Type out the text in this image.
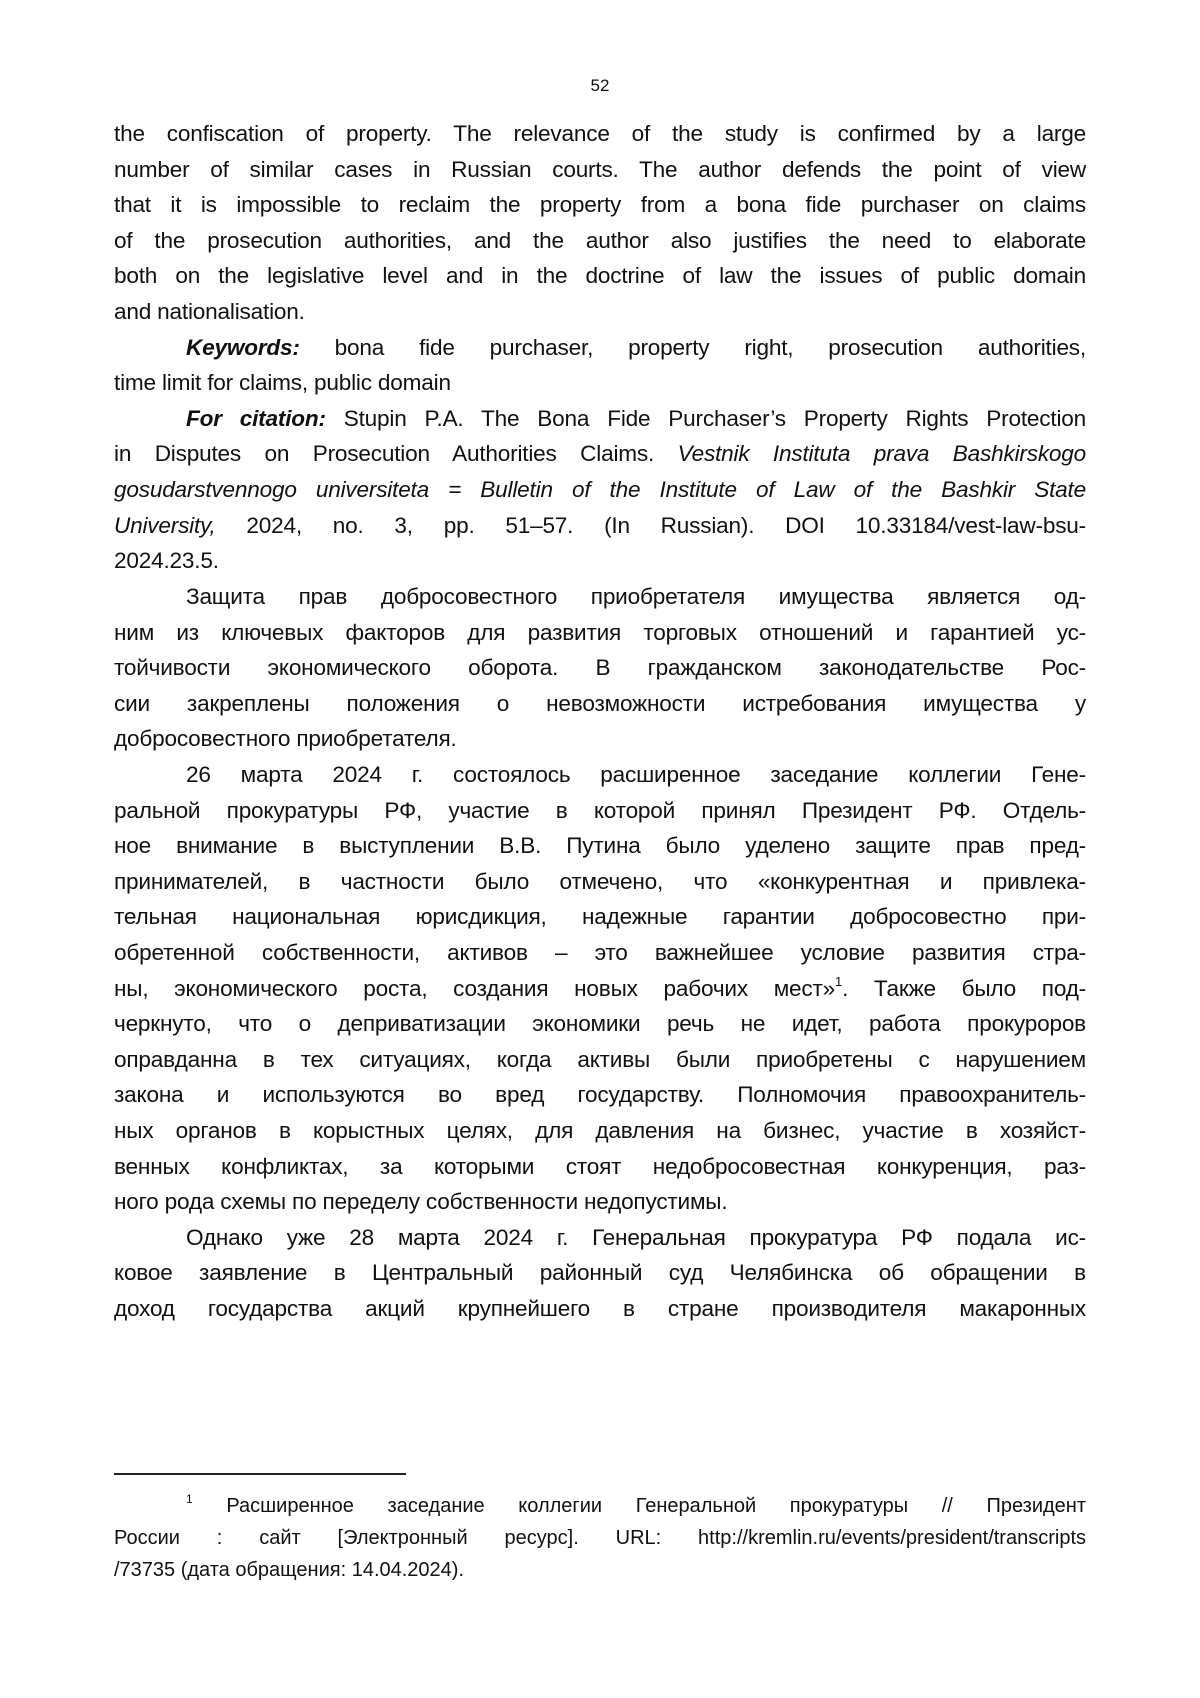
52
the confiscation of property. The relevance of the study is confirmed by a large
number of similar cases in Russian courts. The author defends the point of view
that it is impossible to reclaim the property from a bona fide purchaser on claims
of the prosecution authorities, and the author also justifies the need to elaborate
both on the legislative level and in the doctrine of law the issues of public domain
and nationalisation.
Keywords: bona fide purchaser, property right, prosecution authorities,
time limit for claims, public domain
For citation: Stupin P.A. The Bona Fide Purchaser’s Property Rights Protection
in Disputes on Prosecution Authorities Claims. Vestnik Instituta prava Bashkirskogo
gosudarstvennogo universiteta = Bulletin of the Institute of Law of the Bashkir State
University, 2024, no. 3, pp. 51–57. (In Russian). DOI 10.33184/vest-law-bsu-
2024.23.5.
Защита прав добросовестного приобретателя имущества является од-
ним из ключевых факторов для развития торговых отношений и гарантией ус-
тойчивости экономического оборота. В гражданском законодательстве Рос-
сии закреплены положения о невозможности истребования имущества у
добросовестного приобретателя.
26 марта 2024 г. состоялось расширенное заседание коллегии Гене-
ральной прокуратуры РФ, участие в которой принял Президент РФ. Отдель-
ное внимание в выступлении В.В. Путина было уделено защите прав пред-
принимателей, в частности было отмечено, что «конкурентная и привлека-
тельная национальная юрисдикция, надежные гарантии добросовестно при-
обретенной собственности, активов – это важнейшее условие развития стра-
ны, экономического роста, создания новых рабочих мест»$^1$. Также было под-
черкнуто, что о деприватизации экономики речь не идет, работа прокуроров
оправданна в тех ситуациях, когда активы были приобретены с нарушением
закона и используются во вред государству. Полномочия правоохранитель-
ных органов в корыстных целях, для давления на бизнес, участие в хозяйст-
венных конфликтах, за которыми стоят недобросовестная конкуренция, раз-
ного рода схемы по переделу собственности недопустимы.
Однако уже 28 марта 2024 г. Генеральная прокуратура РФ подала ис-
ковое заявление в Центральный районный суд Челябинска об обращении в
доход государства акций крупнейшего в стране производителя макаронных
$^1$ Расширенное заседание коллегии Генеральной прокуратуры // Президент
России : сайт [Электронный ресурс]. URL: http://kremlin.ru/events/president/transcripts
/73735 (дата обращения: 14.04.2024).
